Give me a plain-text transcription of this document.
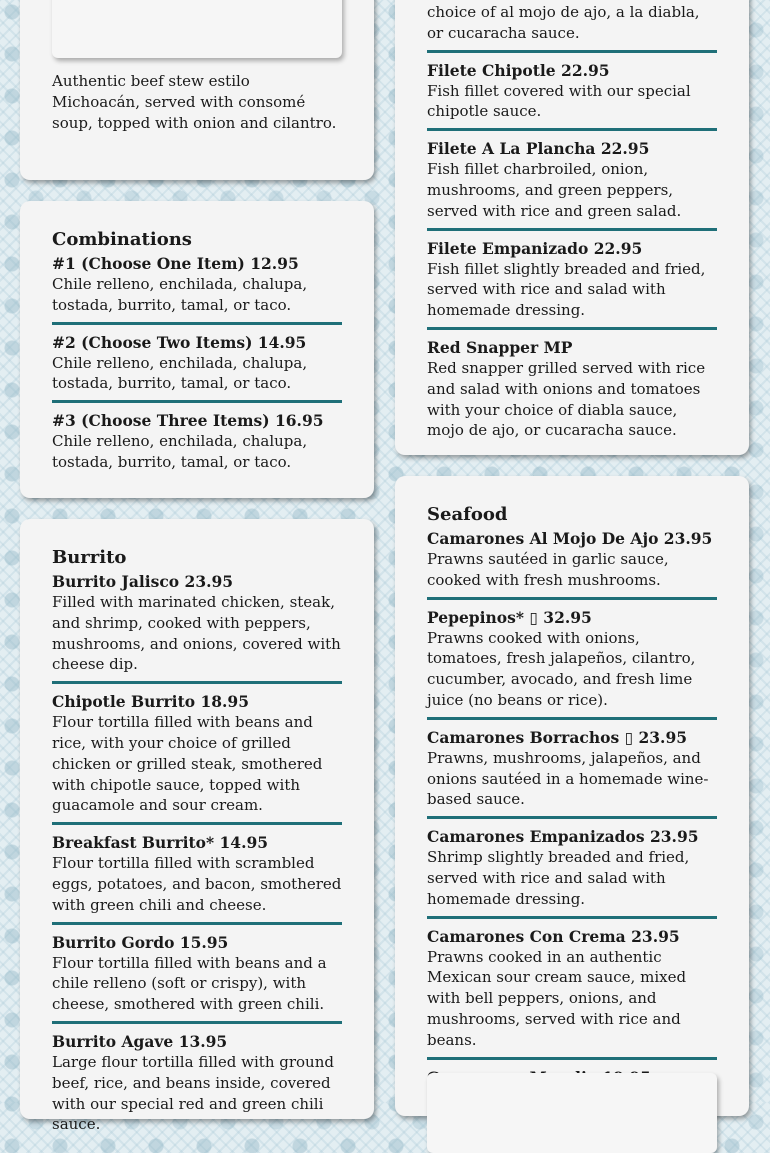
Authentic beef stew estilo Michoacán, served with consomé soup, topped with onion and cilantro.
Combinations
#1 (Choose One Item) 12.95
Chile relleno, enchilada, chalupa, tostada, burrito, tamal, or taco.
#2 (Choose Two Items) 14.95
Chile relleno, enchilada, chalupa, tostada, burrito, tamal, or taco.
#3 (Choose Three Items) 16.95
Chile relleno, enchilada, chalupa, tostada, burrito, tamal, or taco.
Burrito
Burrito Jalisco 23.95
Filled with marinated chicken, steak, and shrimp, cooked with peppers, mushrooms, and onions, covered with cheese dip.
Chipotle Burrito 18.95
Flour tortilla filled with beans and rice, with your choice of grilled chicken or grilled steak, smothered with chipotle sauce, topped with guacamole and sour cream.
Breakfast Burrito* 14.95
Flour tortilla filled with scrambled eggs, potatoes, and bacon, smothered with green chili and cheese.
Burrito Gordo 15.95
Flour tortilla filled with beans and a chile relleno (soft or crispy), with cheese, smothered with green chili.
Burrito Agave 13.95
Large flour tortilla filled with ground beef, rice, and beans inside, covered with our special red and green chili sauce.
choice of al mojo de ajo, a la diabla, or cucaracha sauce.
Filete Chipotle 22.95
Fish fillet covered with our special chipotle sauce.
Filete A La Plancha 22.95
Fish fillet charbroiled, onion, mushrooms, and green peppers, served with rice and green salad.
Filete Empanizado 22.95
Fish fillet slightly breaded and fried, served with rice and salad with homemade dressing.
Red Snapper MP
Red snapper grilled served with rice and salad with onions and tomatoes with your choice of diabla sauce, mojo de ajo, or cucaracha sauce.
Seafood
Camarones Al Mojo De Ajo 23.95
Prawns sautéed in garlic sauce, cooked with fresh mushrooms.
Pepepinos* ▯ 32.95
Prawns cooked with onions, tomatoes, fresh jalapeños, cilantro, cucumber, avocado, and fresh lime juice (no beans or rice).
Camarones Borrachos ▯ 23.95
Prawns, mushrooms, jalapeños, and onions sautéed in a homemade wine-based sauce.
Camarones Empanizados 23.95
Shrimp slightly breaded and fried, served with rice and salad with homemade dressing.
Camarones Con Crema 23.95
Prawns cooked in an authentic Mexican sour cream sauce, mixed with bell peppers, onions, and mushrooms, served with rice and beans.
